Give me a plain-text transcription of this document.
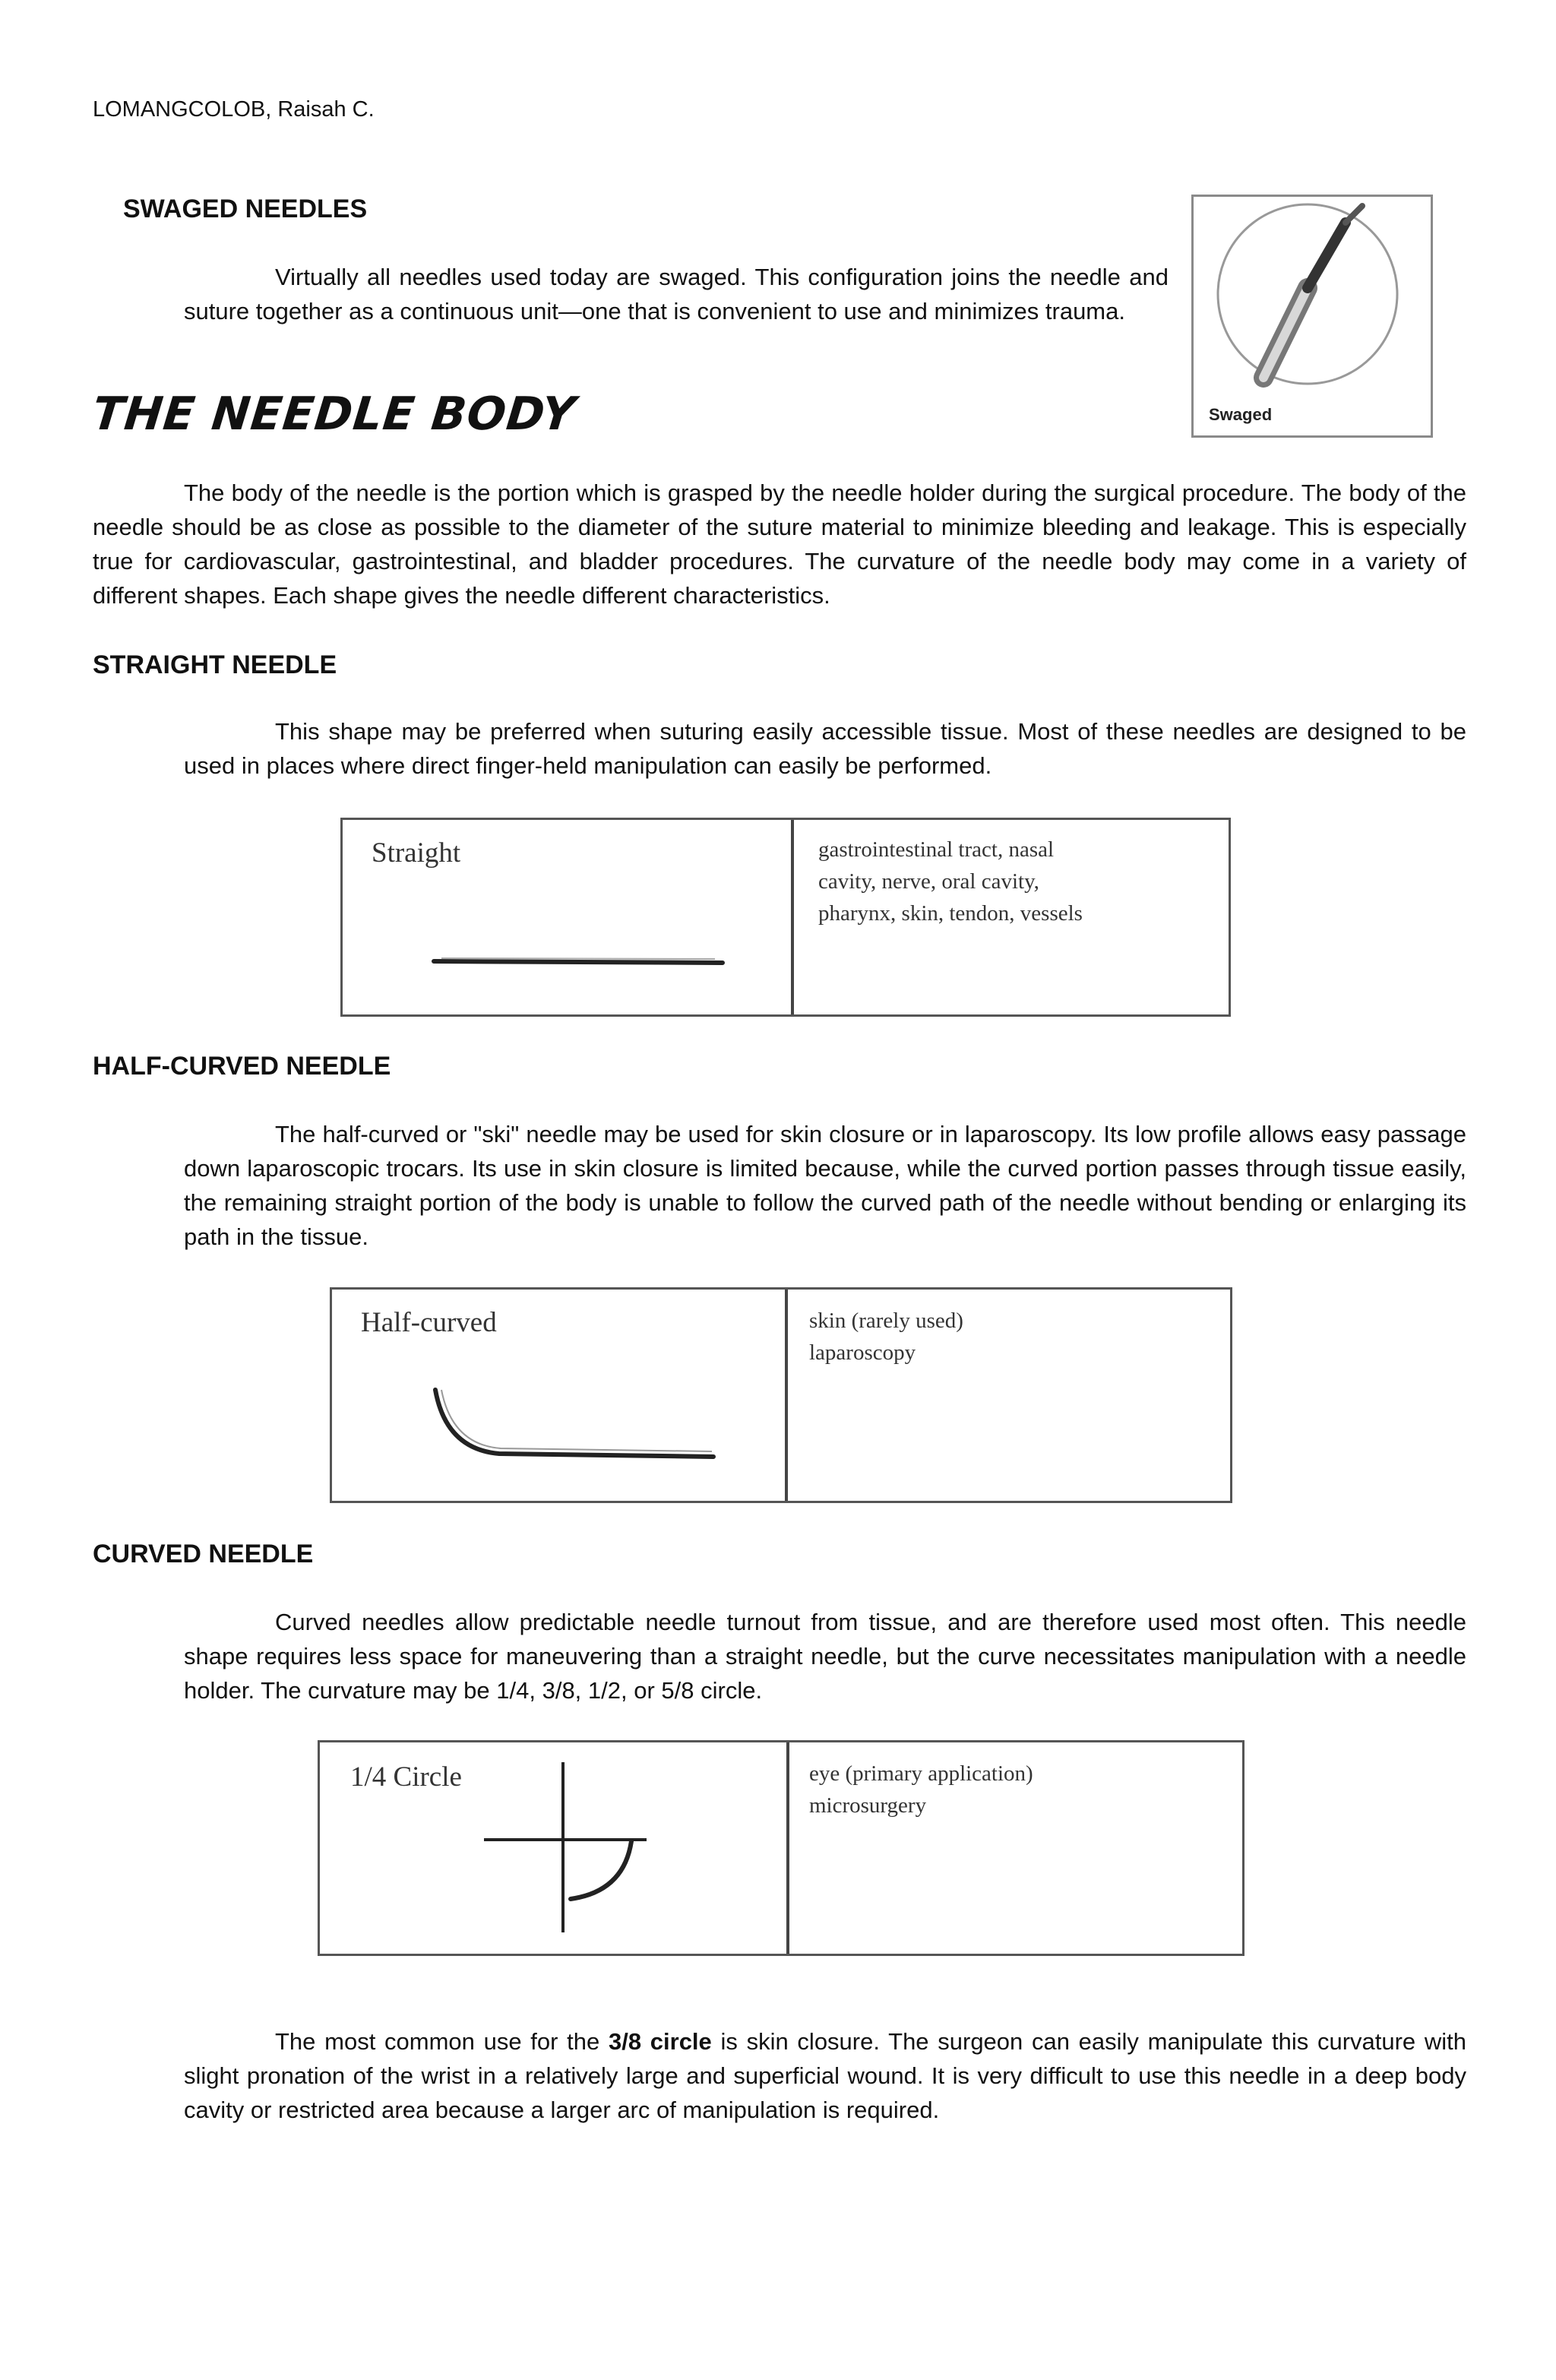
LOMANGCOLOB, Raisah C.
SWAGED NEEDLES
Virtually all needles used today are swaged. This configuration joins the needle and suture together as a continuous unit—one that is convenient to use and minimizes trauma.
Swaged
THE NEEDLE BODY
The body of the needle is the portion which is grasped by the needle holder during the surgical procedure. The body of the needle should be as close as possible to the diameter of the suture material to minimize bleeding and leakage. This is especially true for cardiovascular, gastrointestinal, and bladder procedures. The curvature of the needle body may come in a variety of different shapes. Each shape gives the needle different characteristics.
STRAIGHT NEEDLE
This shape may be preferred when suturing easily accessible tissue. Most of these needles are designed to be used in places where direct finger-held manipulation can easily be performed.
Straight	gastrointestinal tract, nasal
cavity, nerve, oral cavity,
pharynx, skin, tendon, vessels
HALF-CURVED NEEDLE
The half-curved or "ski" needle may be used for skin closure or in laparoscopy. Its low profile allows easy passage down laparoscopic trocars. Its use in skin closure is limited because, while the curved portion passes through tissue easily, the remaining straight portion of the body is unable to follow the curved path of the needle without bending or enlarging its path in the tissue.
Half-curved	skin (rarely used)
laparoscopy
CURVED NEEDLE
Curved needles allow predictable needle turnout from tissue, and are therefore used most often. This needle shape requires less space for maneuvering than a straight needle, but the curve necessitates manipulation with a needle holder. The curvature may be 1/4, 3/8, 1/2, or 5/8 circle.
1/4 Circle	eye (primary application)
microsurgery
The most common use for the 3/8 circle is skin closure. The surgeon can easily manipulate this curvature with slight pronation of the wrist in a relatively large and superficial wound. It is very difficult to use this needle in a deep body cavity or restricted area because a larger arc of manipulation is required.
